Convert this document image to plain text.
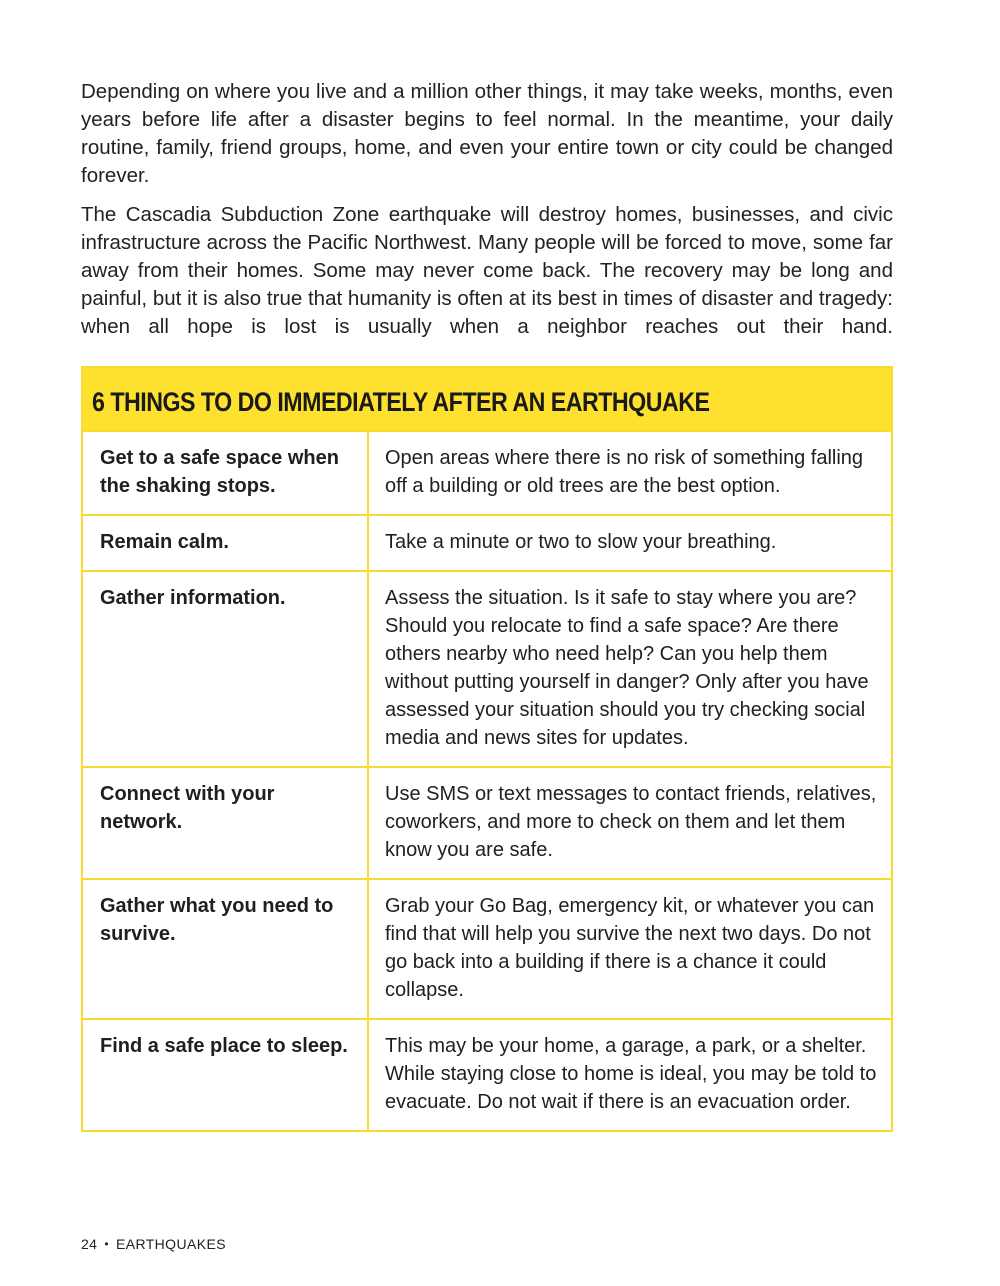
Depending on where you live and a million other things, it may take weeks, months, even years before life after a disaster begins to feel normal. In the meantime, your daily routine, family, friend groups, home, and even your entire town or city could be changed forever.

The Cascadia Subduction Zone earthquake will destroy homes, businesses, and civic infrastructure across the Pacific Northwest. Many people will be forced to move, some far away from their homes. Some may never come back. The recovery may be long and painful, but it is also true that humanity is often at its best in times of disaster and tragedy: when all hope is lost is usually when a neighbor reaches out their hand.

6 THINGS TO DO IMMEDIATELY AFTER AN EARTHQUAKE
Get to a safe space when the shaking stops.	Open areas where there is no risk of something falling off a building or old trees are the best option.
Remain calm.	Take a minute or two to slow your breathing.
Gather information.	Assess the situation. Is it safe to stay where you are? Should you relocate to find a safe space? Are there others nearby who need help? Can you help them without putting yourself in danger? Only after you have assessed your situation should you try checking social media and news sites for updates.
Connect with your network.	Use SMS or text messages to contact friends, relatives, coworkers, and more to check on them and let them know you are safe.
Gather what you need to survive.	Grab your Go Bag, emergency kit, or whatever you can find that will help you survive the next two days. Do not go back into a building if there is a chance it could collapse.
Find a safe place to sleep.	This may be your home, a garage, a park, or a shelter. While staying close to home is ideal, you may be told to evacuate. Do not wait if there is an evacuation order.
24 • EARTHQUAKES
